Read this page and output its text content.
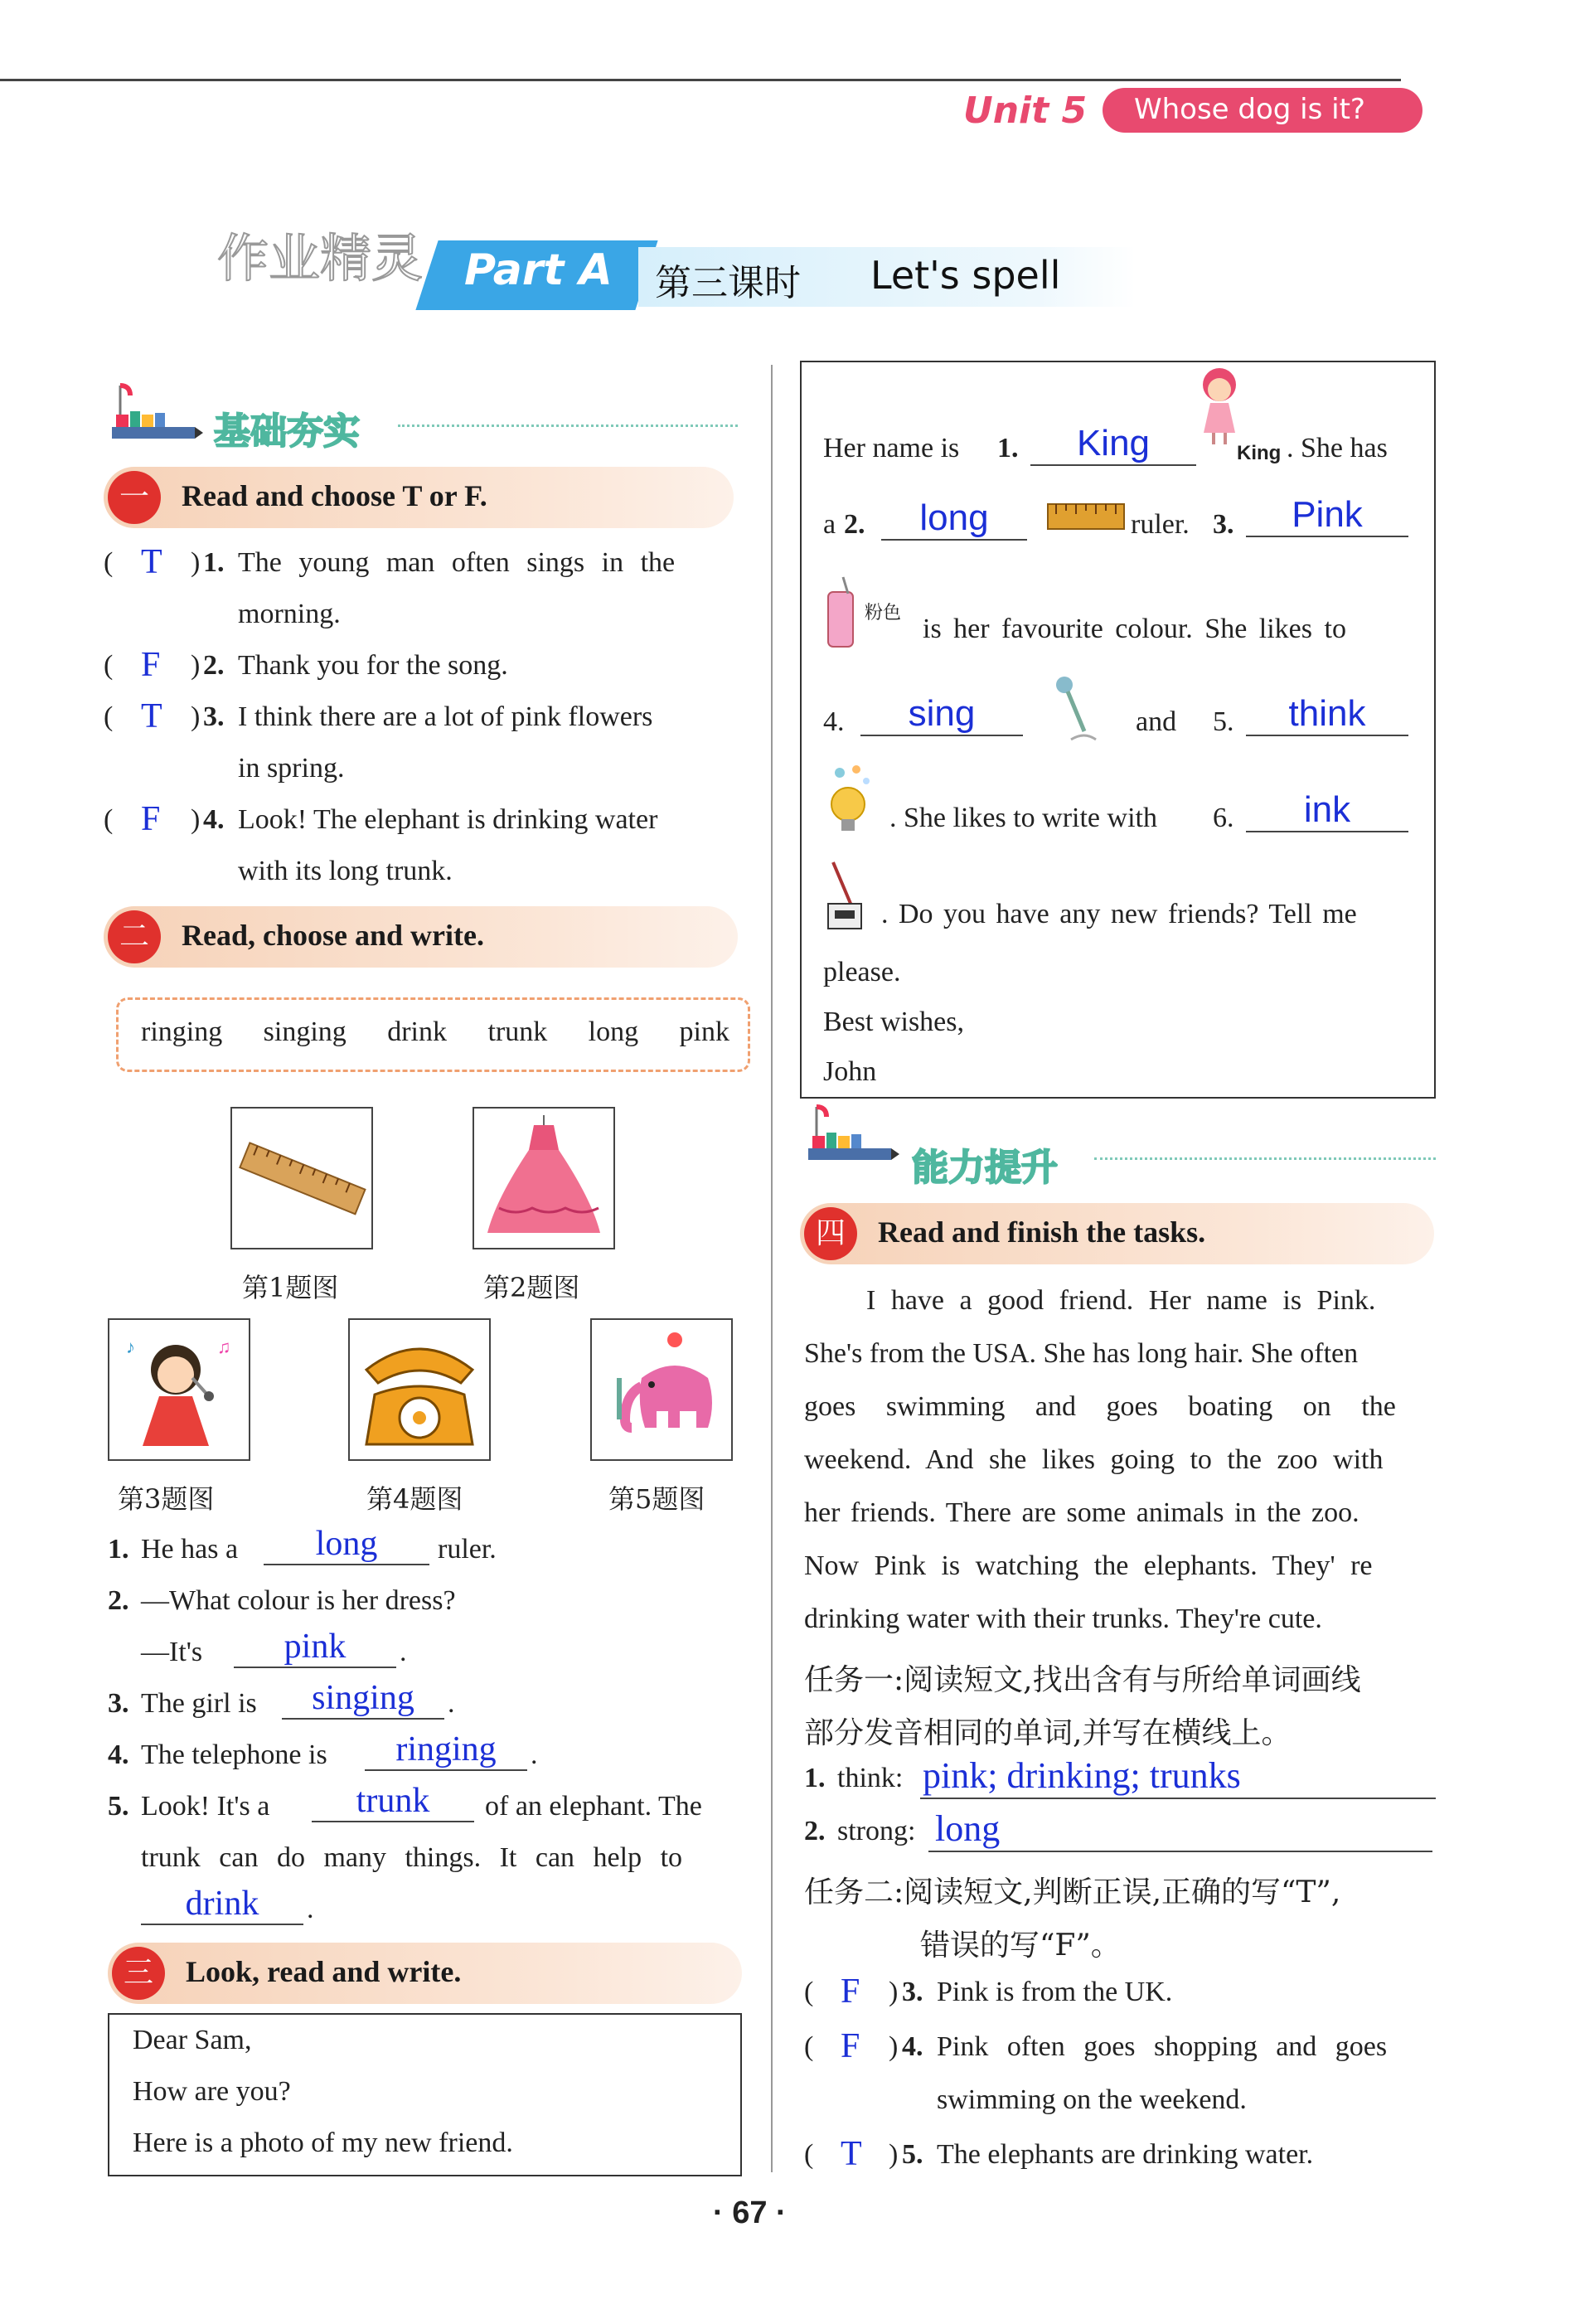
Unit 5 Whose dog is it?
作业精灵 Part A 第三课时 Let's spell
基础夯实
一	Read and choose T or F.
( T ) 1. The young man often sings in the
morning.
( F ) 2. Thank you for the song.
( T ) 3. I think there are a lot of pink flowers
in spring.
( F ) 4. Look! The elephant is drinking water
with its long trunk.
二	Read, choose and write.
ringing singing drink trunk long pink
第1题图	第2题图
♪	♫
第3题图	第4题图	第5题图
1. He has a	long	ruler.
2. —What colour is her dress?
—It's	pink	.
3. The girl is	singing	.
4. The telephone is	ringing	.
5. Look! It's a	trunk	of an elephant. The
trunk can do many things. It can help to
drink	.
三	Look, read and write.
Dear Sam,
How are you?
Here is a photo of my new friend.
Her name is 1.	King	King . She has
a 2.	long	ruler. 3.	Pink
粉色
is her favourite colour. She likes to
4.	sing	and 5.	think
. She likes to write with 6.	ink
. Do you have any new friends? Tell me
please.
Best wishes,
John
能力提升
四	Read and finish the tasks.
I have a good friend. Her name is Pink.
She's from the USA. She has long hair. She often
goes swimming and goes boating on the
weekend. And she likes going to the zoo with
her friends. There are some animals in the zoo.
Now Pink is watching the elephants. They' re
drinking water with their trunks. They're cute.
任务一:阅读短文,找出含有与所给单词画线
部分发音相同的单词,并写在横线上。
1. think: pink; drinking; trunks
2. strong: long
任务二:阅读短文,判断正误,正确的写“T”,
错误的写“F”。
( F ) 3. Pink is from the UK.
( F ) 4. Pink often goes shopping and goes
swimming on the weekend.
( T ) 5. The elephants are drinking water.
· 67 ·
